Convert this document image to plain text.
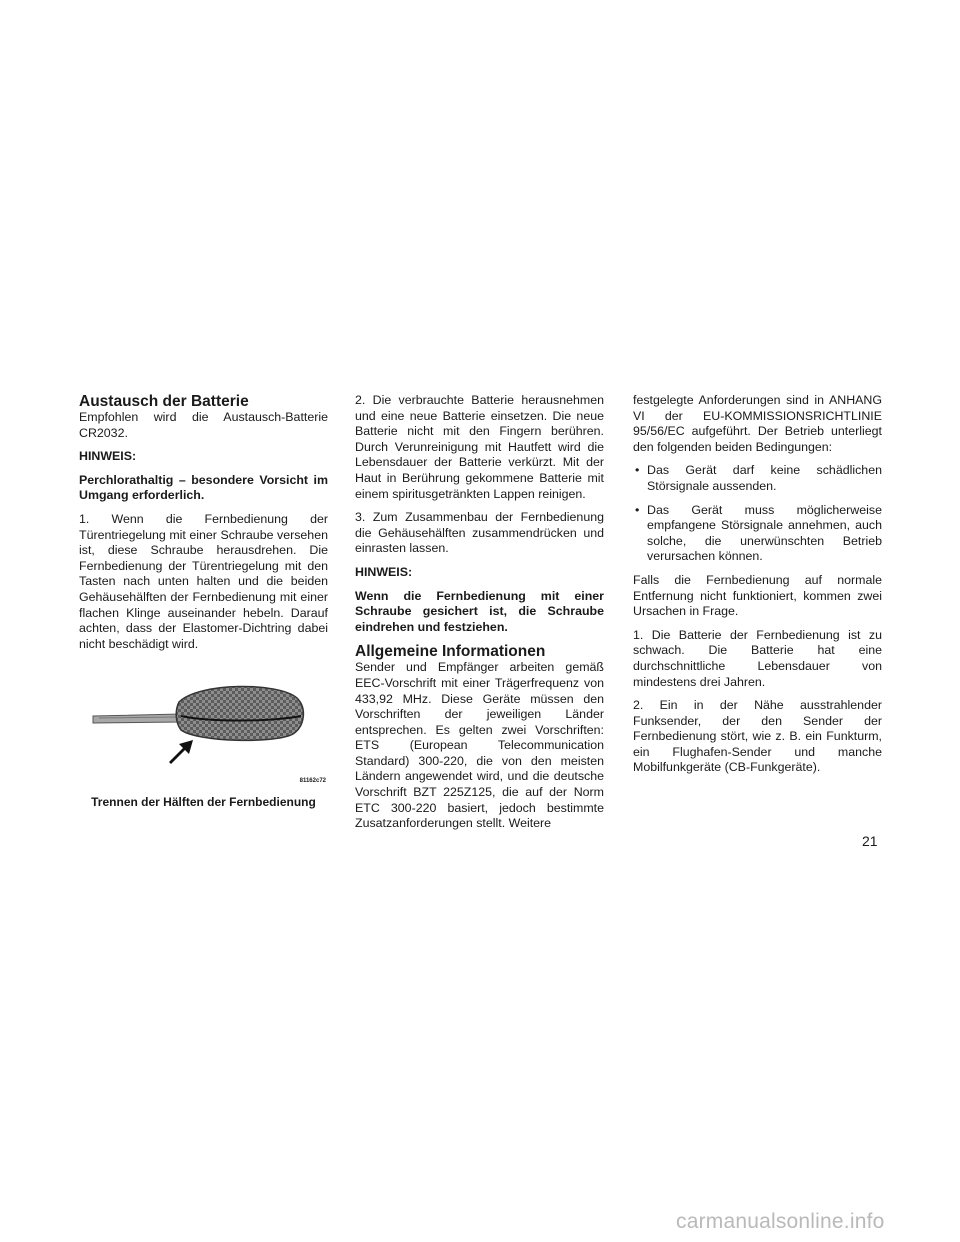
Austausch der Batterie

Empfohlen wird die Austausch-Batterie CR2032.

HINWEIS:

Perchlorathaltig – besondere Vorsicht im Umgang erforderlich.

1. Wenn die Fernbedienung der Türentriegelung mit einer Schraube versehen ist, diese Schraube herausdrehen. Die Fernbedienung der Türentriegelung mit den Tasten nach unten halten und die beiden Gehäusehälften der Fernbedienung mit einer flachen Klinge auseinander hebeln. Darauf achten, dass der Elastomer-Dichtring dabei nicht beschädigt wird.

81162c72
Trennen der Hälften der Fernbedienung

2. Die verbrauchte Batterie herausnehmen und eine neue Batterie einsetzen. Die neue Batterie nicht mit den Fingern berühren. Durch Verunreinigung mit Hautfett wird die Lebensdauer der Batterie verkürzt. Mit der Haut in Berührung gekommene Batterie mit einem spiritusgetränkten Lappen reinigen.

3. Zum Zusammenbau der Fernbedienung die Gehäusehälften zusammendrücken und einrasten lassen.

HINWEIS:

Wenn die Fernbedienung mit einer Schraube gesichert ist, die Schraube eindrehen und festziehen.

Allgemeine Informationen

Sender und Empfänger arbeiten gemäß EEC-Vorschrift mit einer Trägerfrequenz von 433,92 MHz. Diese Geräte müssen den Vorschriften der jeweiligen Länder entsprechen. Es gelten zwei Vorschriften: ETS (European Telecommunication Standard) 300-220, die von den meisten Ländern angewendet wird, und die deutsche Vorschrift BZT 225Z125, die auf der Norm ETC 300-220 basiert, jedoch bestimmte Zusatzanforderungen stellt. Weitere

festgelegte Anforderungen sind in ANHANG VI der EU-KOMMISSIONSRICHTLINIE 95/56/EC aufgeführt. Der Betrieb unterliegt den folgenden beiden Bedingungen:

• Das Gerät darf keine schädlichen Störsignale aussenden.
• Das Gerät muss möglicherweise empfangene Störsignale annehmen, auch solche, die unerwünschten Betrieb verursachen können.

Falls die Fernbedienung auf normale Entfernung nicht funktioniert, kommen zwei Ursachen in Frage.

1. Die Batterie der Fernbedienung ist zu schwach. Die Batterie hat eine durchschnittliche Lebensdauer von mindestens drei Jahren.

2. Ein in der Nähe ausstrahlender Funksender, der den Sender der Fernbedienung stört, wie z. B. ein Funkturm, ein Flughafen-Sender und manche Mobilfunkgeräte (CB-Funkgeräte).

21
carmanualsonline.info
